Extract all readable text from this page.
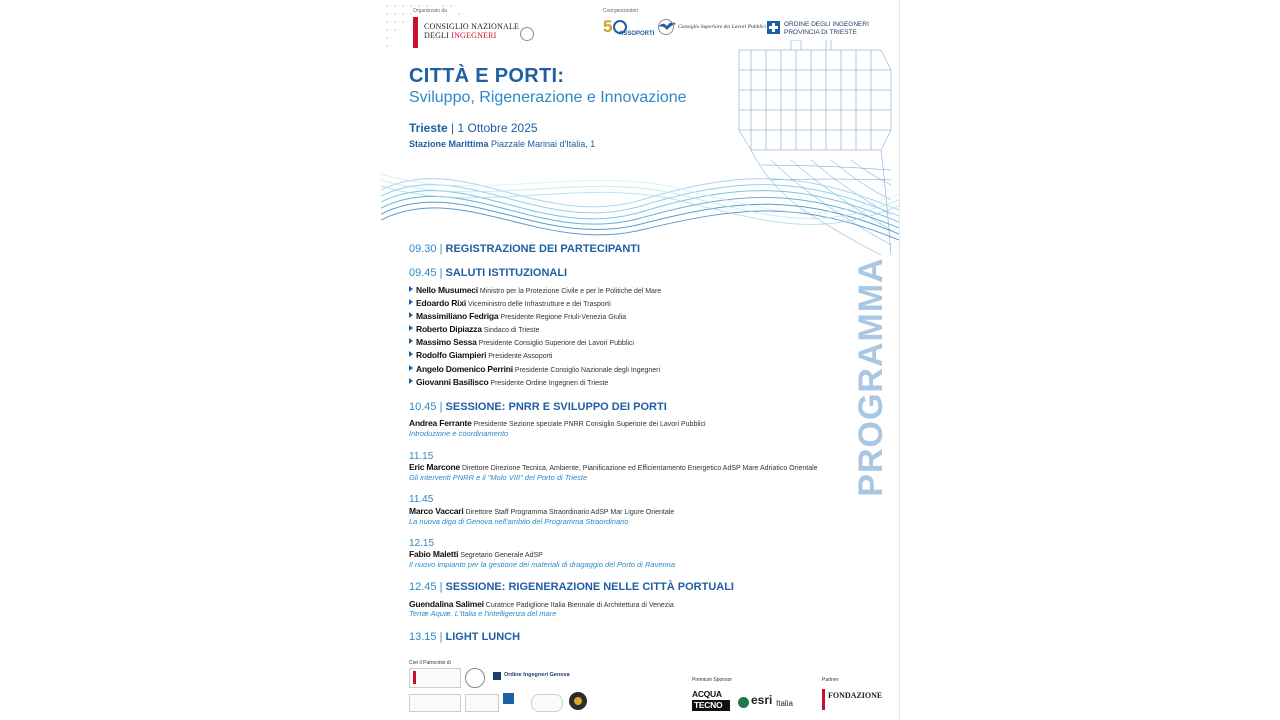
Organizzato da
CONSIGLIO NAZIONALE
DEGLI INGEGNERI
Coorganizzatori
5 ASSOPORTI
Consiglio Superiore dei Lavori Pubblici	ORDINE DEGLI INGEGNERI
PROVINCIA DI TRIESTE
CITTÀ E PORTI:
Sviluppo, Rigenerazione e Innovazione
Trieste | 1 Ottobre 2025
Stazione Marittima Piazzale Marinai d'Italia, 1
PROGRAMMA
09.30 | REGISTRAZIONE DEI PARTECIPANTI
09.45 | SALUTI ISTITUZIONALI
Nello Musumeci Ministro per la Protezione Civile e per le Politiche del Mare
Edoardo Rixi Viceministro delle Infrastrutture e dei Trasporti
Massimiliano Fedriga Presidente Regione Friuli-Venezia Giulia
Roberto Dipiazza Sindaco di Trieste
Massimo Sessa Presidente Consiglio Superiore dei Lavori Pubblici
Rodolfo Giampieri Presidente Assoporti
Angelo Domenico Perrini Presidente Consiglio Nazionale degli Ingegneri
Giovanni Basilisco Presidente Ordine Ingegneri di Trieste
10.45 | SESSIONE: PNRR E SVILUPPO DEI PORTI
Andrea Ferrante Presidente Sezione speciale PNRR Consiglio Superiore dei Lavori Pubblici
Introduzione e coordinamento
11.15
Eric Marcone Direttore Direzione Tecnica, Ambiente, Pianificazione ed Efficientamento Energetico AdSP Mare Adriatico Orientale
Gli interventi PNRR e il "Molo VIII" del Porto di Trieste
11.45
Marco Vaccari Direttore Staff Programma Straordinario AdSP Mar Ligure Orientale
La nuova diga di Genova nell'ambito del Programma Straordinario
12.15
Fabio Maletti Segretario Generale AdSP
Il nuovo impianto per la gestione dei materiali di dragaggio del Porto di Ravenna
12.45 | SESSIONE: RIGENERAZIONE NELLE CITTÀ PORTUALI
Guendalina Salimei Curatrice Padiglione Italia Biennale di Architettura di Venezia
Terræ Aquæ. L'Italia e l'intelligenza del mare
13.15 | LIGHT LUNCH
Con il Patrocinio di
Ordine Ingegneri Genova
Premium Sponsor
ACQUA
TECNO	esri Italia
Partner
FONDAZIONE
